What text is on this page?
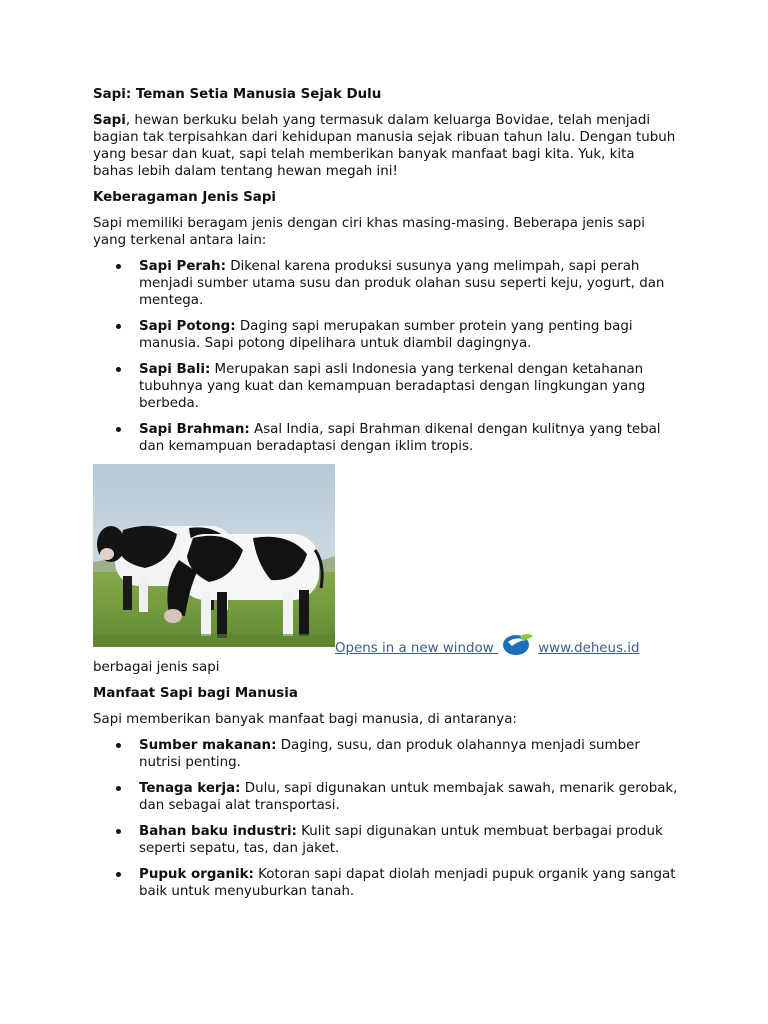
Sapi: Teman Setia Manusia Sejak Dulu

Sapi, hewan berkuku belah yang termasuk dalam keluarga Bovidae, telah menjadi bagian tak terpisahkan dari kehidupan manusia sejak ribuan tahun lalu. Dengan tubuh yang besar dan kuat, sapi telah memberikan banyak manfaat bagi kita. Yuk, kita bahas lebih dalam tentang hewan megah ini!

Keberagaman Jenis Sapi

Sapi memiliki beragam jenis dengan ciri khas masing-masing. Beberapa jenis sapi yang terkenal antara lain:

Sapi Perah: Dikenal karena produksi susunya yang melimpah, sapi perah menjadi sumber utama susu dan produk olahan susu seperti keju, yogurt, dan mentega.
Sapi Potong: Daging sapi merupakan sumber protein yang penting bagi manusia. Sapi potong dipelihara untuk diambil dagingnya.
Sapi Bali: Merupakan sapi asli Indonesia yang terkenal dengan ketahanan tubuhnya yang kuat dan kemampuan beradaptasi dengan lingkungan yang berbeda.
Sapi Brahman: Asal India, sapi Brahman dikenal dengan kulitnya yang tebal dan kemampuan beradaptasi dengan iklim tropis.
Opens in a new window	www.deheus.id

berbagai jenis sapi

Manfaat Sapi bagi Manusia

Sapi memberikan banyak manfaat bagi manusia, di antaranya:

Sumber makanan: Daging, susu, dan produk olahannya menjadi sumber nutrisi penting.
Tenaga kerja: Dulu, sapi digunakan untuk membajak sawah, menarik gerobak, dan sebagai alat transportasi.
Bahan baku industri: Kulit sapi digunakan untuk membuat berbagai produk seperti sepatu, tas, dan jaket.
Pupuk organik: Kotoran sapi dapat diolah menjadi pupuk organik yang sangat baik untuk menyuburkan tanah.
